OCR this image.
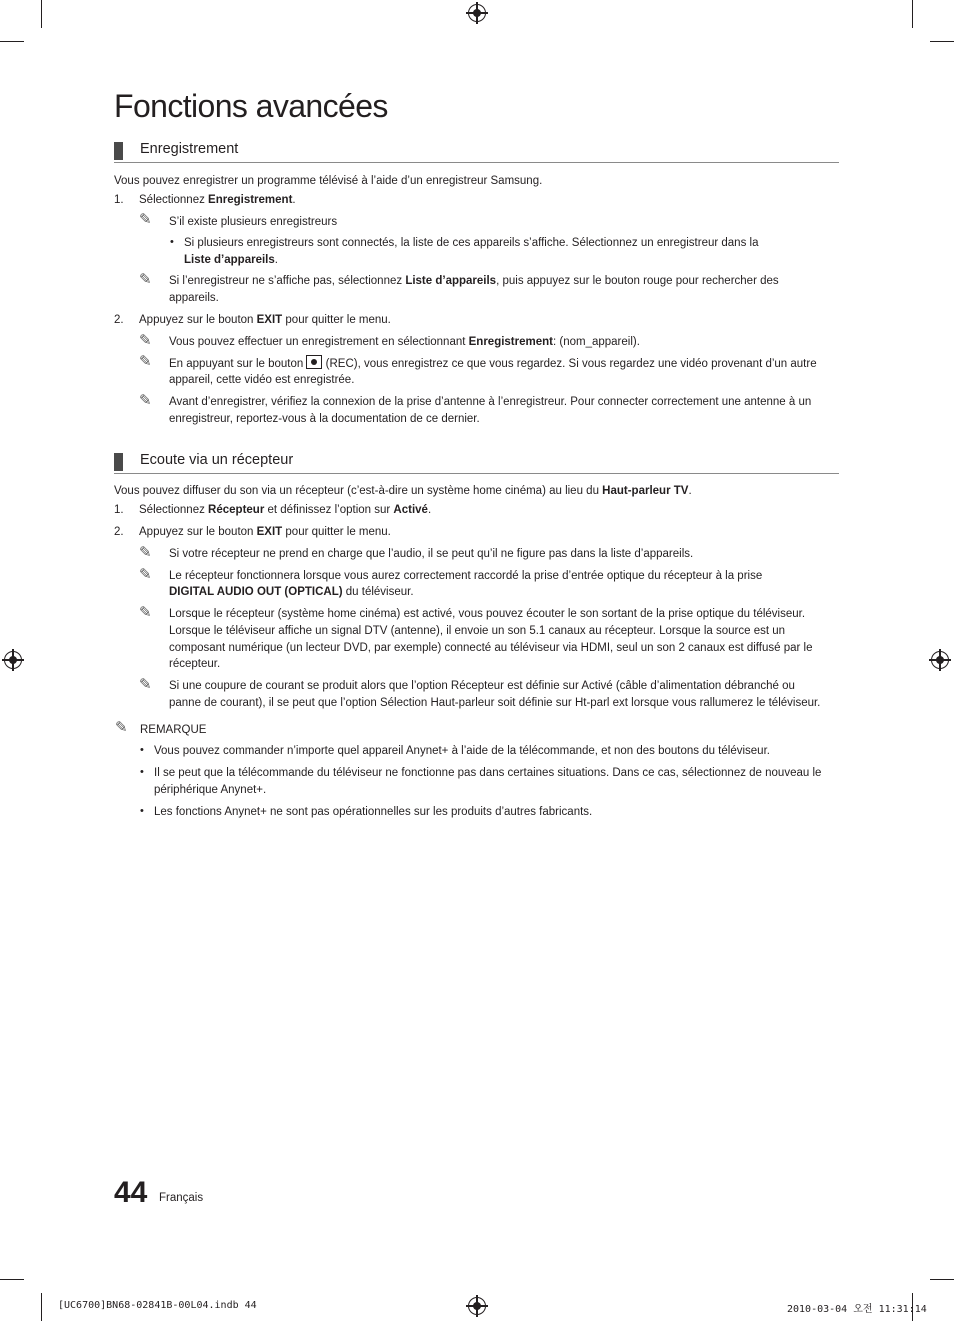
Fonctions avancées
Enregistrement
Vous pouvez enregistrer un programme télévisé à l’aide d’un enregistreur Samsung.
1. Sélectionnez Enregistrement.
✎ S’il existe plusieurs enregistreurs
• Si plusieurs enregistreurs sont connectés, la liste de ces appareils s’affiche. Sélectionnez un enregistreur dans la
Liste d’appareils.
✎ Si l’enregistreur ne s’affiche pas, sélectionnez Liste d’appareils, puis appuyez sur le bouton rouge pour rechercher des
appareils.
2. Appuyez sur le bouton EXIT pour quitter le menu.
✎ Vous pouvez effectuer un enregistrement en sélectionnant Enregistrement: (nom_appareil).
✎ En appuyant sur le bouton  (REC), vous enregistrez ce que vous regardez. Si vous regardez une vidéo provenant d’un autre
appareil, cette vidéo est enregistrée.
✎ Avant d’enregistrer, vérifiez la connexion de la prise d’antenne à l’enregistreur. Pour connecter correctement une antenne à un
enregistreur, reportez-vous à la documentation de ce dernier.
Ecoute via un récepteur
Vous pouvez diffuser du son via un récepteur (c’est-à-dire un système home cinéma) au lieu du Haut-parleur TV.
1. Sélectionnez Récepteur et définissez l’option sur Activé.
2. Appuyez sur le bouton EXIT pour quitter le menu.
✎ Si votre récepteur ne prend en charge que l’audio, il se peut qu’il ne figure pas dans la liste d’appareils.
✎ Le récepteur fonctionnera lorsque vous aurez correctement raccordé la prise d’entrée optique du récepteur à la prise
DIGITAL AUDIO OUT (OPTICAL) du téléviseur.
✎ Lorsque le récepteur (système home cinéma) est activé, vous pouvez écouter le son sortant de la prise optique du téléviseur.
Lorsque le téléviseur affiche un signal DTV (antenne), il envoie un son 5.1 canaux au récepteur. Lorsque la source est un
composant numérique (un lecteur DVD, par exemple) connecté au téléviseur via HDMI, seul un son 2 canaux est diffusé par le
récepteur.
✎ Si une coupure de courant se produit alors que l’option Récepteur est définie sur Activé (câble d’alimentation débranché ou
panne de courant), il se peut que l’option Sélection Haut-parleur soit définie sur Ht-parl ext lorsque vous rallumerez le téléviseur.
✎ REMARQUE
• Vous pouvez commander n’importe quel appareil Anynet+ à l’aide de la télécommande, et non des boutons du téléviseur.
• Il se peut que la télécommande du téléviseur ne fonctionne pas dans certaines situations. Dans ce cas, sélectionnez de nouveau le
périphérique Anynet+.
• Les fonctions Anynet+ ne sont pas opérationnelles sur les produits d’autres fabricants.
44 Français
[UC6700]BN68-02841B-00L04.indb 44	2010-03-04 오전 11:31:14
